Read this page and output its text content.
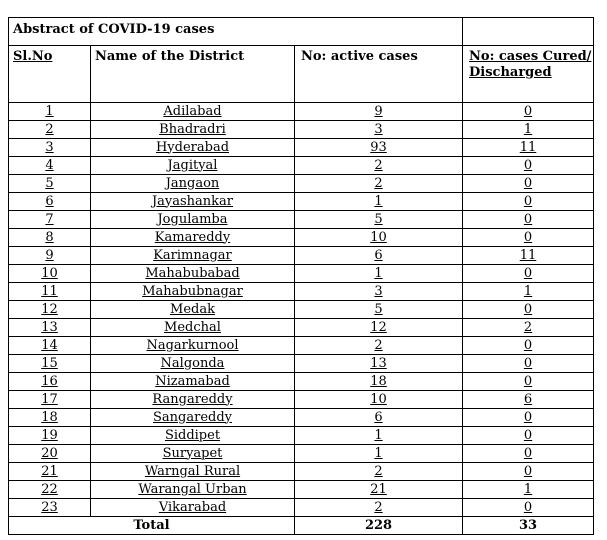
Abstract of COVID-19 cases			
Sl.No	Name of the District	No: active cases	No: cases Cured/ Discharged
1	Adilabad	9	0
2	Bhadradri	3	1
3	Hyderabad	93	11
4	Jagityal	2	0
5	Jangaon	2	0
6	Jayashankar	1	0
7	Jogulamba	5	0
8	Kamareddy	10	0
9	Karimnagar	6	11
10	Mahabubabad	1	0
11	Mahabubnagar	3	1
12	Medak	5	0
13	Medchal	12	2
14	Nagarkurnool	2	0
15	Nalgonda	13	0
16	Nizamabad	18	0
17	Rangareddy	10	6
18	Sangareddy	6	0
19	Siddipet	1	0
20	Suryapet	1	0
21	Warngal Rural	2	0
22	Warangal Urban	21	1
23	Vikarabad	2	0
Total		228	33
